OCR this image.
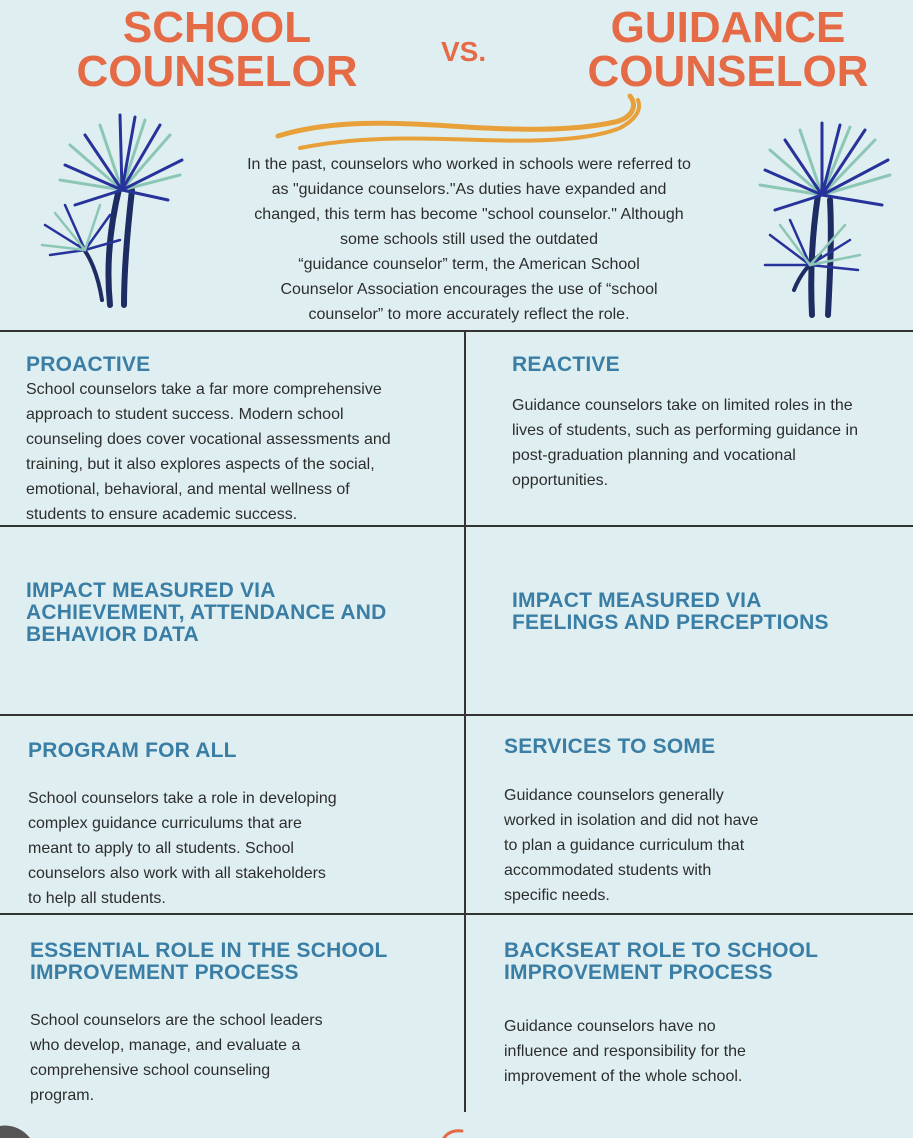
SCHOOL
COUNSELOR	VS.	GUIDANCE
COUNSELOR
In the past, counselors who worked in schools were referred to
as "guidance counselors."As duties have expanded and
changed, this term has become "school counselor." Although
some schools still used the outdated
“guidance counselor” term, the American School
Counselor Association encourages the use of “school
counselor” to more accurately reflect the role.

PROACTIVE

School counselors take a far more comprehensive

approach to student success. Modern school

counseling does cover vocational assessments and

training, but it also explores aspects of the social,

emotional, behavioral, and mental wellness of

students to ensure academic success.

REACTIVE

Guidance counselors take on limited roles in the

lives of students, such as performing guidance in

post-graduation planning and vocational

opportunities.

IMPACT MEASURED VIA

ACHIEVEMENT, ATTENDANCE AND

BEHAVIOR DATA

IMPACT MEASURED VIA

FEELINGS AND PERCEPTIONS

PROGRAM FOR ALL

School counselors take a role in developing

complex guidance curriculums that are

meant to apply to all students. School

counselors also work with all stakeholders

to help all students.

SERVICES TO SOME

Guidance counselors generally

worked in isolation and did not have

to plan a guidance curriculum that

accommodated students with

specific needs.

ESSENTIAL ROLE IN THE SCHOOL

IMPROVEMENT PROCESS

School counselors are the school leaders

who develop, manage, and evaluate a

comprehensive school counseling

program.

BACKSEAT ROLE TO SCHOOL

IMPROVEMENT PROCESS

Guidance counselors have no

influence and responsibility for the

improvement of the whole school.
